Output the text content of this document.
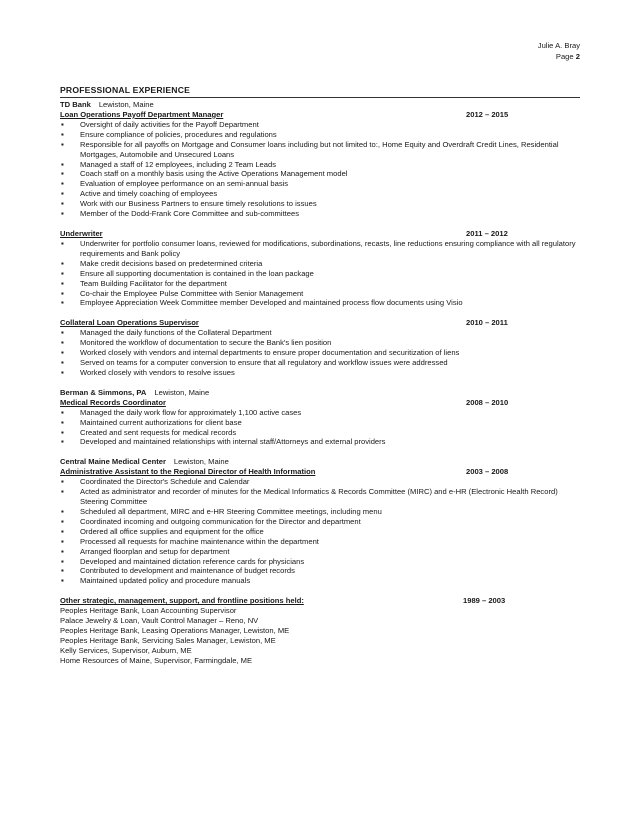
Julie A. Bray
Page 2
PROFESSIONAL EXPERIENCE
TD Bank Lewiston, Maine
Loan Operations Payoff Department Manager	2012 – 2015
▪ Oversight of daily activities for the Payoff Department
▪ Ensure compliance of policies, procedures and regulations
▪ Responsible for all payoffs on Mortgage and Consumer loans including but not limited to:, Home Equity and Overdraft Credit Lines, Residential Mortgages, Automobile and Unsecured Loans
▪ Managed a staff of 12 employees, including 2 Team Leads
▪ Coach staff on a monthly basis using the Active Operations Management model
▪ Evaluation of employee performance on an semi-annual basis
▪ Active and timely coaching of employees
▪ Work with our Business Partners to ensure timely resolutions to issues
▪ Member of the Dodd-Frank Core Committee and sub-committees
Underwriter	2011 – 2012
▪ Underwriter for portfolio consumer loans, reviewed for modifications, subordinations, recasts, line reductions ensuring compliance with all regulatory requirements and Bank policy
▪ Make credit decisions based on predetermined criteria
▪ Ensure all supporting documentation is contained in the loan package
▪ Team Building Facilitator for the department
▪ Co-chair the Employee Pulse Committee with Senior Management
▪ Employee Appreciation Week Committee member Developed and maintained process flow documents using Visio
Collateral Loan Operations Supervisor	2010 – 2011
▪ Managed the daily functions of the Collateral Department
▪ Monitored the workflow of documentation to secure the Bank's lien position
▪ Worked closely with vendors and internal departments to ensure proper documentation and securitization of liens
▪ Served on teams for a computer conversion to ensure that all regulatory and workflow issues were addressed
▪ Worked closely with vendors to resolve issues
Berman & Simmons, PA Lewiston, Maine
Medical Records Coordinator	2008 – 2010
▪ Managed the daily work flow for approximately 1,100 active cases
▪ Maintained current authorizations for client base
▪ Created and sent requests for medical records
▪ Developed and maintained relationships with internal staff/Attorneys and external providers
Central Maine Medical Center Lewiston, Maine
Administrative Assistant to the Regional Director of Health Information	2003 – 2008
▪ Coordinated the Director's Schedule and Calendar
▪ Acted as administrator and recorder of minutes for the Medical Informatics & Records Committee (MIRC) and e-HR (Electronic Health Record) Steering Committee
▪ Scheduled all department, MIRC and e-HR Steering Committee meetings, including menu
▪ Coordinated incoming and outgoing communication for the Director and department
▪ Ordered all office supplies and equipment for the office
▪ Processed all requests for machine maintenance within the department
▪ Arranged floorplan and setup for department
▪ Developed and maintained dictation reference cards for physicians
▪ Contributed to development and maintenance of budget records
▪ Maintained updated policy and procedure manuals
Other strategic, management, support, and frontline positions held:	1989 – 2003
Peoples Heritage Bank, Loan Accounting Supervisor
Palace Jewelry & Loan, Vault Control Manager – Reno, NV
Peoples Heritage Bank, Leasing Operations Manager, Lewiston, ME
Peoples Heritage Bank, Servicing Sales Manager, Lewiston, ME
Kelly Services, Supervisor, Auburn, ME
Home Resources of Maine, Supervisor, Farmingdale, ME
